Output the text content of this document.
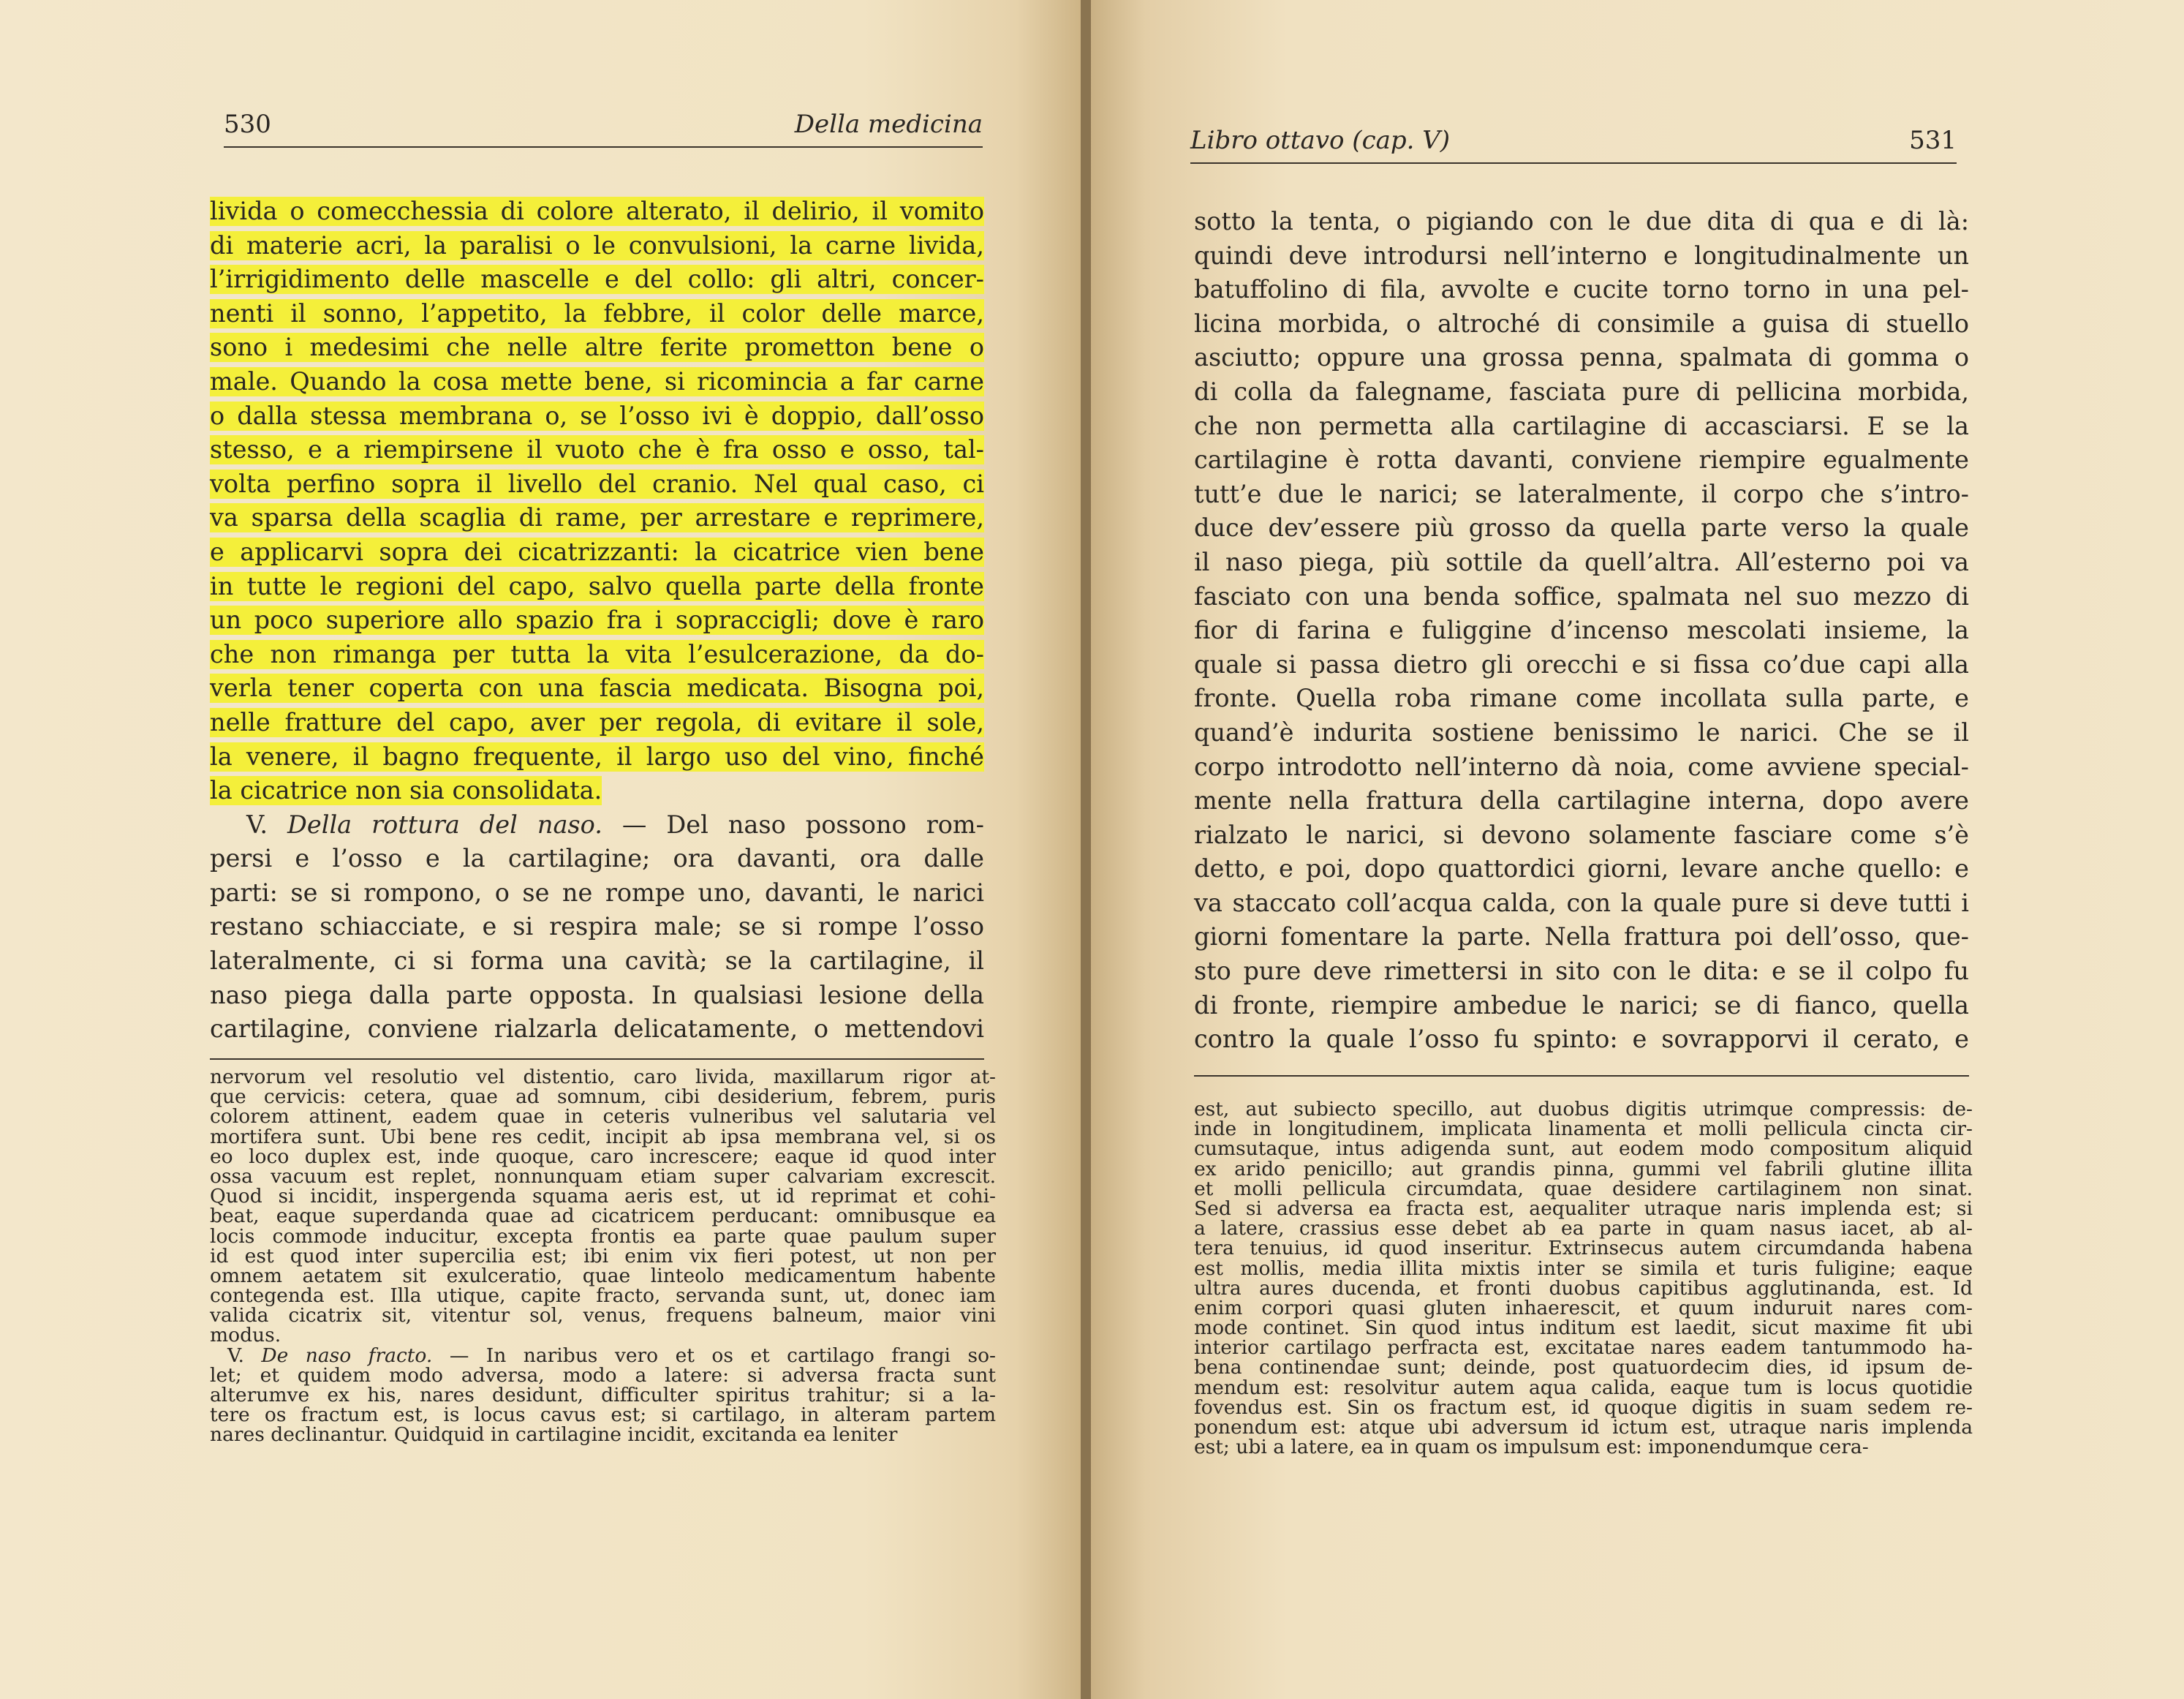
530	Della medicina
livida o comecchessia di colore alterato, il delirio, il vomito
di materie acri, la paralisi o le convulsioni, la carne livida,
l’irrigidimento delle mascelle e del collo: gli altri, concer-
nenti il sonno, l’appetito, la febbre, il color delle marce,
sono i medesimi che nelle altre ferite prometton bene o
male. Quando la cosa mette bene, si ricomincia a far carne
o dalla stessa membrana o, se l’osso ivi è doppio, dall’osso
stesso, e a riempirsene il vuoto che è fra osso e osso, tal-
volta perfino sopra il livello del cranio. Nel qual caso, ci
va sparsa della scaglia di rame, per arrestare e reprimere,
e applicarvi sopra dei cicatrizzanti: la cicatrice vien bene
in tutte le regioni del capo, salvo quella parte della fronte
un poco superiore allo spazio fra i sopraccigli; dove è raro
che non rimanga per tutta la vita l’esulcerazione, da do-
verla tener coperta con una fascia medicata. Bisogna poi,
nelle fratture del capo, aver per regola, di evitare il sole,
la venere, il bagno frequente, il largo uso del vino, finché
la cicatrice non sia consolidata.
V. Della rottura del naso. — Del naso possono rom-
persi e l’osso e la cartilagine; ora davanti, ora dalle
parti: se si rompono, o se ne rompe uno, davanti, le narici
restano schiacciate, e si respira male; se si rompe l’osso
lateralmente, ci si forma una cavità; se la cartilagine, il
naso piega dalla parte opposta. In qualsiasi lesione della
cartilagine, conviene rialzarla delicatamente, o mettendovi
nervorum vel resolutio vel distentio, caro livida, maxillarum rigor at-
que cervicis: cetera, quae ad somnum, cibi desiderium, febrem, puris
colorem attinent, eadem quae in ceteris vulneribus vel salutaria vel
mortifera sunt. Ubi bene res cedit, incipit ab ipsa membrana vel, si os
eo loco duplex est, inde quoque, caro increscere; eaque id quod inter
ossa vacuum est replet, nonnunquam etiam super calvariam excrescit.
Quod si incidit, inspergenda squama aeris est, ut id reprimat et cohi-
beat, eaque superdanda quae ad cicatricem perducant: omnibusque ea
locis commode inducitur, excepta frontis ea parte quae paulum super
id est quod inter supercilia est; ibi enim vix fieri potest, ut non per
omnem aetatem sit exulceratio, quae linteolo medicamentum habente
contegenda est. Illa utique, capite fracto, servanda sunt, ut, donec iam
valida cicatrix sit, vitentur sol, venus, frequens balneum, maior vini
modus.
V. De naso fracto. — In naribus vero et os et cartilago frangi so-
let; et quidem modo adversa, modo a latere: si adversa fracta sunt
alterumve ex his, nares desidunt, difficulter spiritus trahitur; si a la-
tere os fractum est, is locus cavus est; si cartilago, in alteram partem
nares declinantur. Quidquid in cartilagine incidit, excitanda ea leniter
Libro ottavo (cap. V)	531
sotto la tenta, o pigiando con le due dita di qua e di là:
quindi deve introdursi nell’interno e longitudinalmente un
batuffolino di fila, avvolte e cucite torno torno in una pel-
licina morbida, o altroché di consimile a guisa di stuello
asciutto; oppure una grossa penna, spalmata di gomma o
di colla da falegname, fasciata pure di pellicina morbida,
che non permetta alla cartilagine di accasciarsi. E se la
cartilagine è rotta davanti, conviene riempire egualmente
tutt’e due le narici; se lateralmente, il corpo che s’intro-
duce dev’essere più grosso da quella parte verso la quale
il naso piega, più sottile da quell’altra. All’esterno poi va
fasciato con una benda soffice, spalmata nel suo mezzo di
fior di farina e fuliggine d’incenso mescolati insieme, la
quale si passa dietro gli orecchi e si fissa co’due capi alla
fronte. Quella roba rimane come incollata sulla parte, e
quand’è indurita sostiene benissimo le narici. Che se il
corpo introdotto nell’interno dà noia, come avviene special-
mente nella frattura della cartilagine interna, dopo avere
rialzato le narici, si devono solamente fasciare come s’è
detto, e poi, dopo quattordici giorni, levare anche quello: e
va staccato coll’acqua calda, con la quale pure si deve tutti i
giorni fomentare la parte. Nella frattura poi dell’osso, que-
sto pure deve rimettersi in sito con le dita: e se il colpo fu
di fronte, riempire ambedue le narici; se di fianco, quella
contro la quale l’osso fu spinto: e sovrapporvi il cerato, e
est, aut subiecto specillo, aut duobus digitis utrimque compressis: de-
inde in longitudinem, implicata linamenta et molli pellicula cincta cir-
cumsutaque, intus adigenda sunt, aut eodem modo compositum aliquid
ex arido penicillo; aut grandis pinna, gummi vel fabrili glutine illita
et molli pellicula circumdata, quae desidere cartilaginem non sinat.
Sed si adversa ea fracta est, aequaliter utraque naris implenda est; si
a latere, crassius esse debet ab ea parte in quam nasus iacet, ab al-
tera tenuius, id quod inseritur. Extrinsecus autem circumdanda habena
est mollis, media illita mixtis inter se simila et turis fuligine; eaque
ultra aures ducenda, et fronti duobus capitibus agglutinanda, est. Id
enim corpori quasi gluten inhaerescit, et quum induruit nares com-
mode continet. Sin quod intus inditum est laedit, sicut maxime fit ubi
interior cartilago perfracta est, excitatae nares eadem tantummodo ha-
bena continendae sunt; deinde, post quatuordecim dies, id ipsum de-
mendum est: resolvitur autem aqua calida, eaque tum is locus quotidie
fovendus est. Sin os fractum est, id quoque digitis in suam sedem re-
ponendum est: atque ubi adversum id ictum est, utraque naris implenda
est; ubi a latere, ea in quam os impulsum est: imponendumque cera-
